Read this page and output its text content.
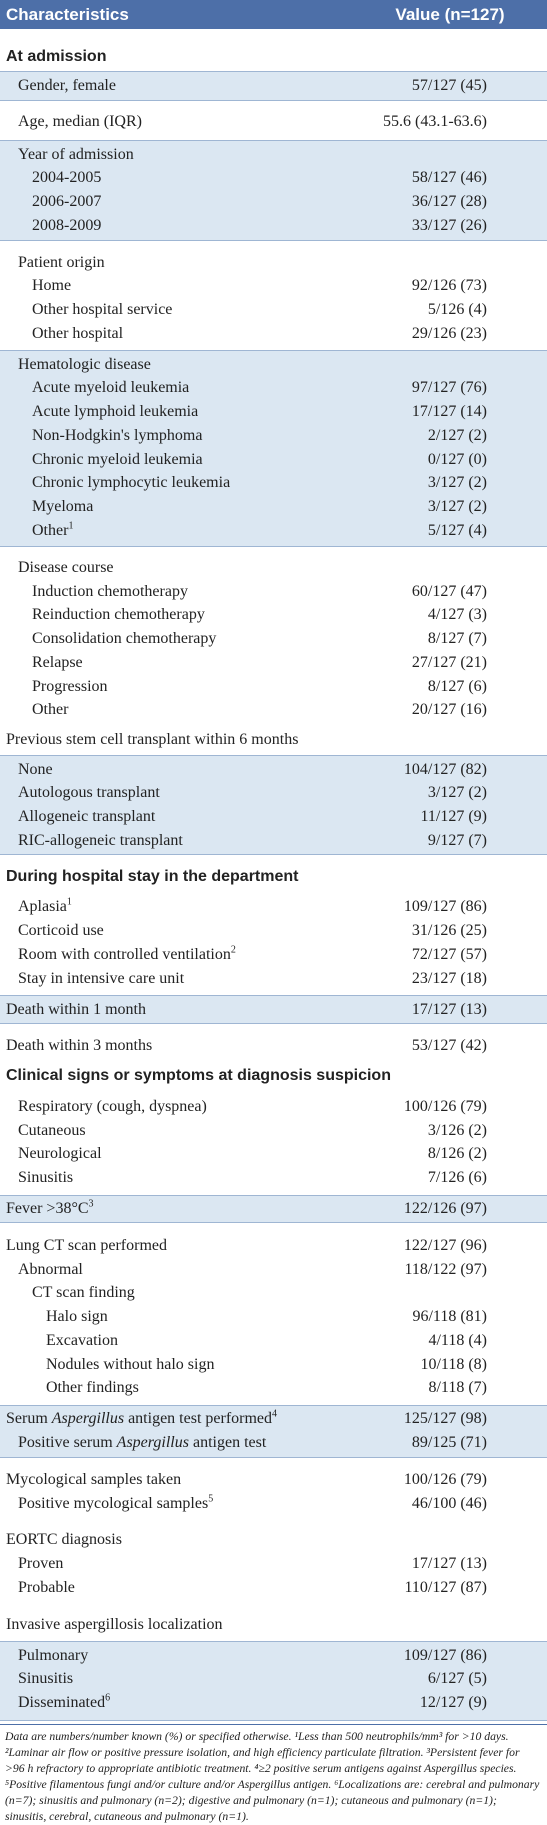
Characteristics	Value (n=127)
At admission
Gender, female	57/127 (45)
Age, median (IQR)	55.6 (43.1-63.6)
Year of admission
2004-2005	58/127 (46)
2006-2007	36/127 (28)
2008-2009	33/127 (26)
Patient origin
Home	92/126 (73)
Other hospital service	5/126 (4)
Other hospital	29/126 (23)
Hematologic disease
Acute myeloid leukemia	97/127 (76)
Acute lymphoid leukemia	17/127 (14)
Non-Hodgkin's lymphoma	2/127 (2)
Chronic myeloid leukemia	0/127 (0)
Chronic lymphocytic leukemia	3/127 (2)
Myeloma	3/127 (2)
Other$^1$	5/127 (4)
Disease course
Induction chemotherapy	60/127 (47)
Reinduction chemotherapy	4/127 (3)
Consolidation chemotherapy	8/127 (7)
Relapse	27/127 (21)
Progression	8/127 (6)
Other	20/127 (16)
Previous stem cell transplant within 6 months
None	104/127 (82)
Autologous transplant	3/127 (2)
Allogeneic transplant	11/127 (9)
RIC-allogeneic transplant	9/127 (7)
During hospital stay in the department
Aplasia$^1$	109/127 (86)
Corticoid use	31/126 (25)
Room with controlled ventilation$^2$	72/127 (57)
Stay in intensive care unit	23/127 (18)
Death within 1 month	17/127 (13)
Death within 3 months	53/127 (42)
Clinical signs or symptoms at diagnosis suspicion
Respiratory (cough, dyspnea)	100/126 (79)
Cutaneous	3/126 (2)
Neurological	8/126 (2)
Sinusitis	7/126 (6)
Fever $>38^\circ C^3$	122/126 (97)
Lung CT scan performed	122/127 (96)
Abnormal	118/122 (97)
CT scan finding
Halo sign	96/118 (81)
Excavation	4/118 (4)
Nodules without halo sign	10/118 (8)
Other findings	8/118 (7)
Serum Aspergillus antigen test performed$^4$	125/127 (98)
Positive serum Aspergillus antigen test	89/125 (71)
Mycological samples taken	100/126 (79)
Positive mycological samples$^5$	46/100 (46)
EORTC diagnosis
Proven	17/127 (13)
Probable	110/127 (87)
Invasive aspergillosis localization
Pulmonary	109/127 (86)
Sinusitis	6/127 (5)
Disseminated$^6$	12/127 (9)
Data are numbers/number known (%) or specified otherwise. ¹Less than 500 neutrophils/mm³ for >10 days. ²Laminar air flow or positive pressure isolation, and high efficiency particulate filtration. ³Persistent fever for >96 h refractory to appropriate antibiotic treatment. ⁴≥2 positive serum antigens against Aspergillus species. ⁵Positive filamentous fungi and/or culture and/or Aspergillus antigen. ⁶Localizations are: cerebral and pulmonary (n=7); sinusitis and pulmonary (n=2); digestive and pulmonary (n=1); cutaneous and pulmonary (n=1); sinusitis, cerebral, cutaneous and pulmonary (n=1).
